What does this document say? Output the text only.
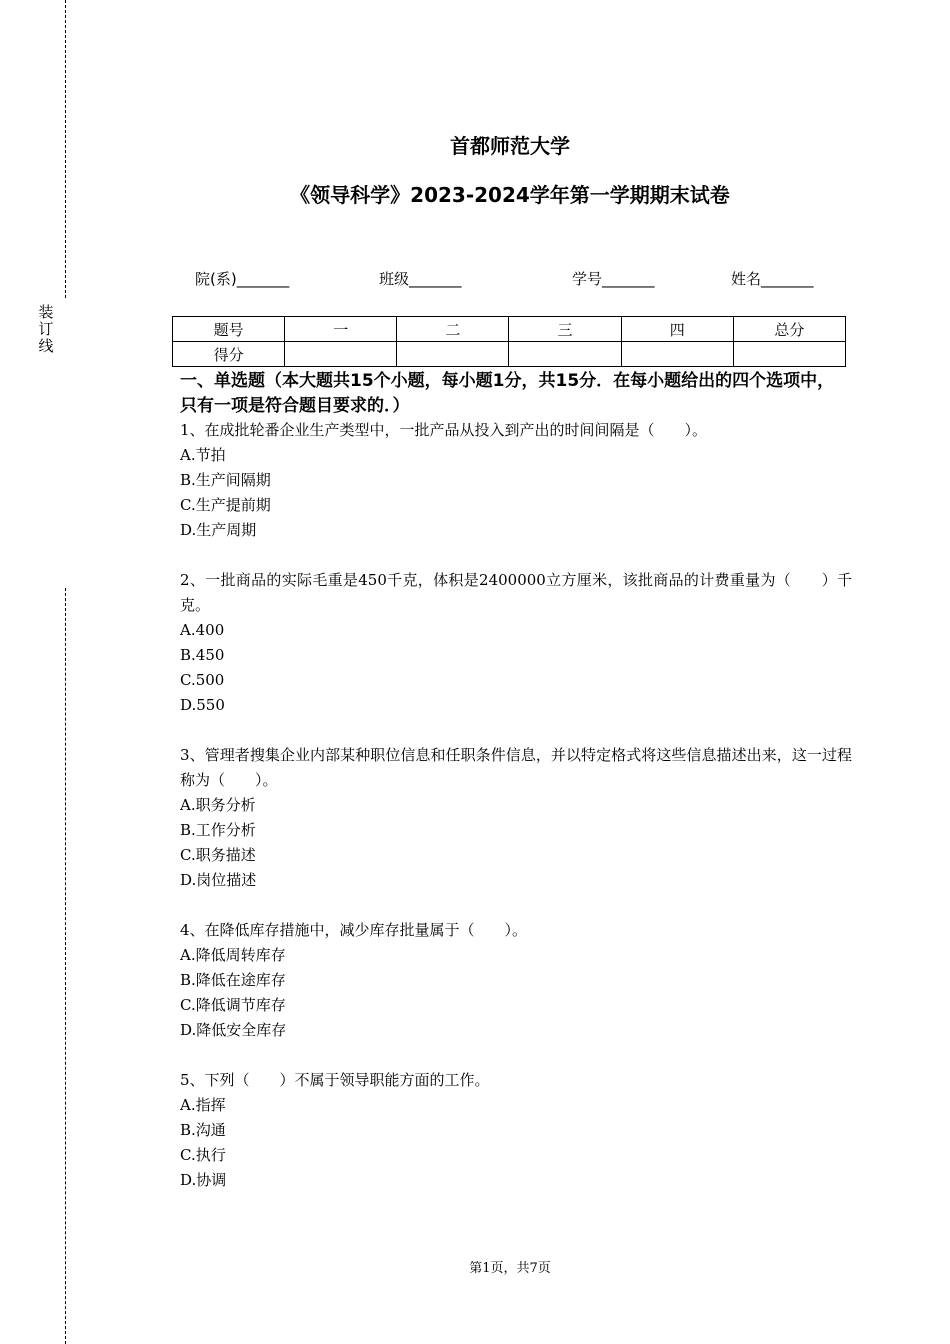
装
订
线
首都师范大学
《领导科学》2023-2024学年第一学期期末试卷
院(系)_______	班级_______	学号_______	姓名_______
题号	一	二	三	四	总分
得分					
一、单选题（本大题共15个小题，每小题1分，共15分．在每小题给出的四个选项中，只有一项是符合题目要求的．）

1、在成批轮番企业生产类型中，一批产品从投入到产出的时间间隔是（　　）。

A.节拍

B.生产间隔期

C.生产提前期

D.生产周期

2、一批商品的实际毛重是450千克，体积是2400000立方厘米，该批商品的计费重量为（　　）千克。

A.400

B.450

C.500

D.550

3、管理者搜集企业内部某种职位信息和任职条件信息，并以特定格式将这些信息描述出来，这一过程称为（　　）。

A.职务分析

B.工作分析

C.职务描述

D.岗位描述

4、在降低库存措施中，减少库存批量属于（　　）。

A.降低周转库存

B.降低在途库存

C.降低调节库存

D.降低安全库存

5、下列（　　）不属于领导职能方面的工作。

A.指挥

B.沟通

C.执行

D.协调

第1页，共7页
